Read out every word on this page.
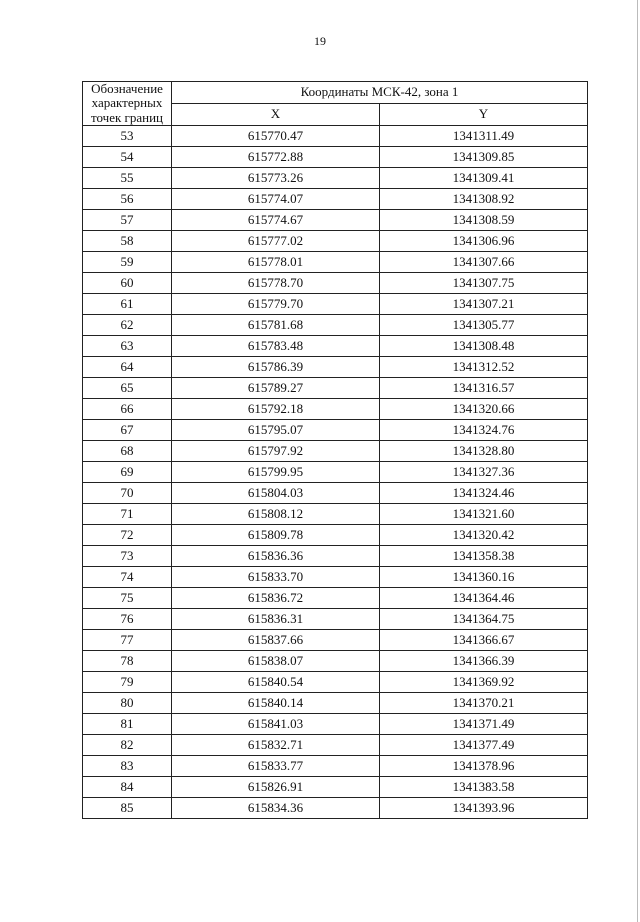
19
Обозначение характерных точек границ	Координаты МСК-42, зона 1	
	X	Y
53	615770.47	1341311.49
54	615772.88	1341309.85
55	615773.26	1341309.41
56	615774.07	1341308.92
57	615774.67	1341308.59
58	615777.02	1341306.96
59	615778.01	1341307.66
60	615778.70	1341307.75
61	615779.70	1341307.21
62	615781.68	1341305.77
63	615783.48	1341308.48
64	615786.39	1341312.52
65	615789.27	1341316.57
66	615792.18	1341320.66
67	615795.07	1341324.76
68	615797.92	1341328.80
69	615799.95	1341327.36
70	615804.03	1341324.46
71	615808.12	1341321.60
72	615809.78	1341320.42
73	615836.36	1341358.38
74	615833.70	1341360.16
75	615836.72	1341364.46
76	615836.31	1341364.75
77	615837.66	1341366.67
78	615838.07	1341366.39
79	615840.54	1341369.92
80	615840.14	1341370.21
81	615841.03	1341371.49
82	615832.71	1341377.49
83	615833.77	1341378.96
84	615826.91	1341383.58
85	615834.36	1341393.96
